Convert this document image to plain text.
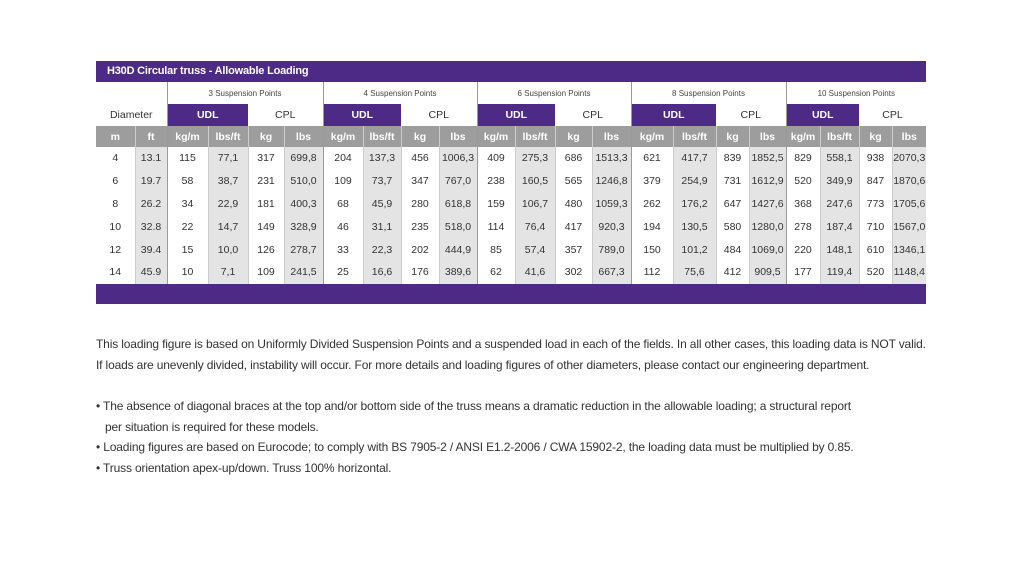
H30D Circular truss - Allowable Loading
		3 Suspension Points				4 Suspension Points				6 Suspension Points				8 Suspension Points				10 Suspension Points			
Diameter		UDL		CPL		UDL		CPL		UDL		CPL		UDL		CPL		UDL		CPL	
m	ft	kg/m	lbs/ft	kg	lbs	kg/m	lbs/ft	kg	lbs	kg/m	lbs/ft	kg	lbs	kg/m	lbs/ft	kg	lbs	kg/m	lbs/ft	kg	lbs
4	13.1	115	77,1	317	699,8	204	137,3	456	1006,3	409	275,3	686	1513,3	621	417,7	839	1852,5	829	558,1	938	2070,3
6	19.7	58	38,7	231	510,0	109	73,7	347	767,0	238	160,5	565	1246,8	379	254,9	731	1612,9	520	349,9	847	1870,6
8	26.2	34	22,9	181	400,3	68	45,9	280	618,8	159	106,7	480	1059,3	262	176,2	647	1427,6	368	247,6	773	1705,6
10	32.8	22	14,7	149	328,9	46	31,1	235	518,0	114	76,4	417	920,3	194	130,5	580	1280,0	278	187,4	710	1567,0
12	39.4	15	10,0	126	278,7	33	22,3	202	444,9	85	57,4	357	789,0	150	101,2	484	1069,0	220	148,1	610	1346,1
14	45.9	10	7,1	109	241,5	25	16,6	176	389,6	62	41,6	302	667,3	112	75,6	412	909,5	177	119,4	520	1148,4

This loading figure is based on Uniformly Divided Suspension Points and a suspended load in each of the fields. In all other cases, this loading data is NOT valid.

If loads are unevenly divided, instability will occur. For more details and loading figures of other diameters, please contact our engineering department.

• The absence of diagonal braces at the top and/or bottom side of the truss means a dramatic reduction in the allowable loading; a structural report
per situation is required for these models.
• Loading figures are based on Eurocode; to comply with BS 7905-2 / ANSI E1.2-2006 / CWA 15902-2, the loading data must be multiplied by 0.85.
• Truss orientation apex-up/down. Truss 100% horizontal.
